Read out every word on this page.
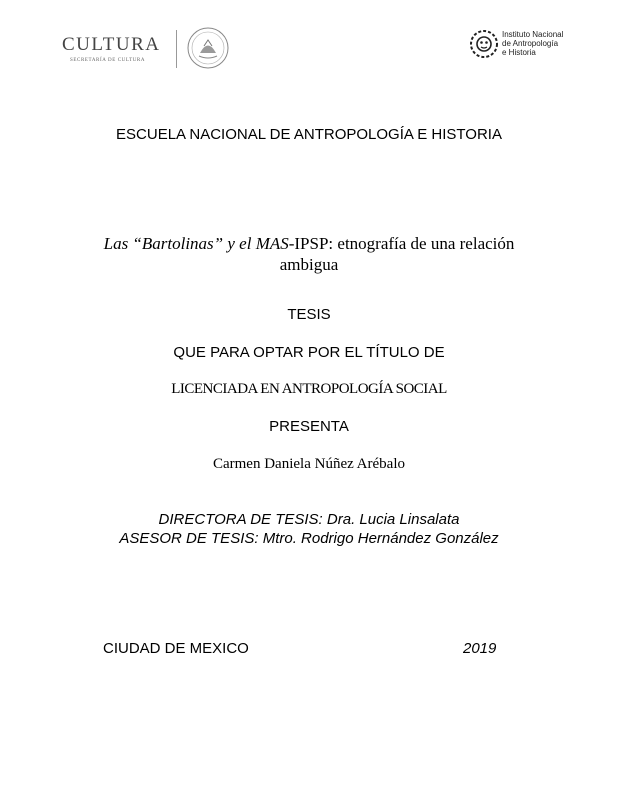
CULTURA
SECRETARÍA DE CULTURA
Instituto Nacional
de Antropología
e Historia
ESCUELA NACIONAL DE ANTROPOLOGÍA E HISTORIA
Las “Bartolinas” y el MAS-IPSP: etnografía de una relación
ambigua
TESIS
QUE PARA OPTAR POR EL TÍTULO DE
LICENCIADA EN ANTROPOLOGÍA SOCIAL
PRESENTA
Carmen Daniela Núñez Arébalo
DIRECTORA DE TESIS: Dra. Lucia Linsalata
ASESOR DE TESIS: Mtro. Rodrigo Hernández González
CIUDAD DE MEXICO	2019
